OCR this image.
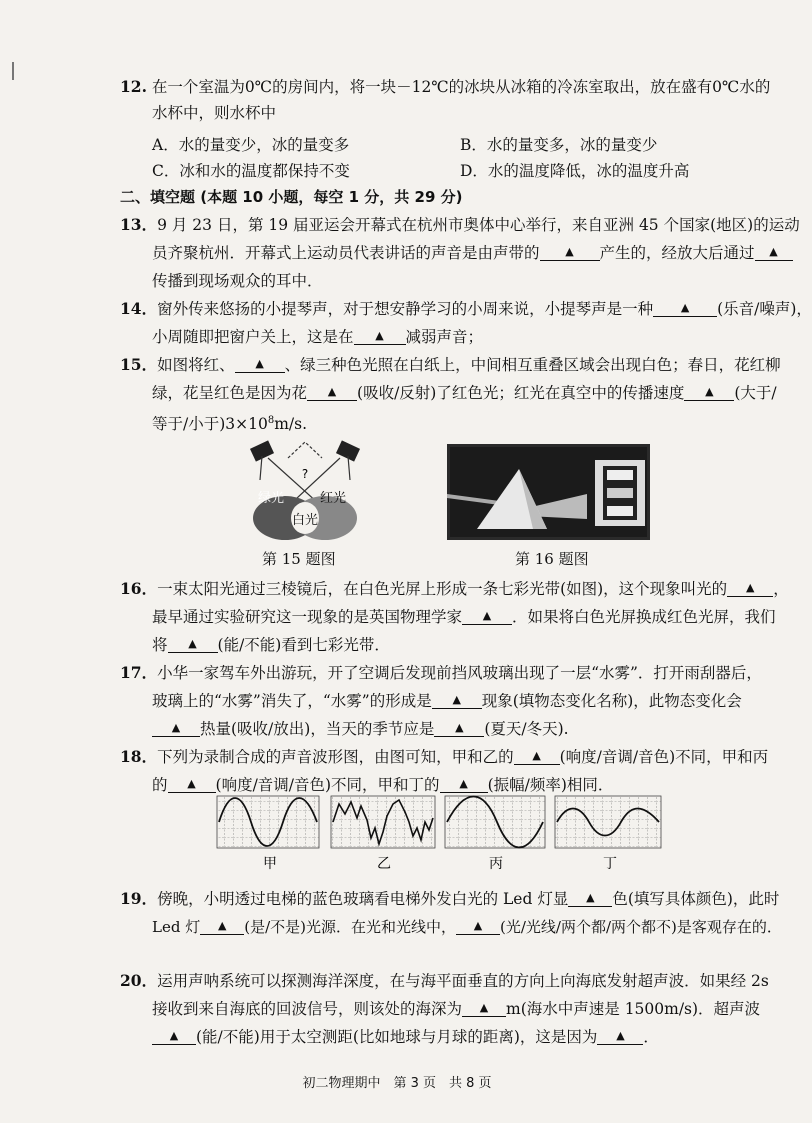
12. 在一个室温为0℃的房间内，将一块－12℃的冰块从冰箱的冷冻室取出，放在盛有0℃水的
水杯中，则水杯中
A．水的量变少，冰的量变多	B．水的量变多，冰的量变少
C．冰和水的温度都保持不变	D．水的温度降低，冰的温度升高
二、填空题 (本题 10 小题，每空 1 分，共 29 分)
13．9 月 23 日，第 19 届亚运会开幕式在杭州市奥体中心举行，来自亚洲 45 个国家(地区)的运动
员齐聚杭州．开幕式上运动员代表讲话的声音是由声带的 ▲ 产生的，经放大后通过 ▲
传播到现场观众的耳中．
14．窗外传来悠扬的小提琴声，对于想安静学习的小周来说，小提琴声是一种	▲ (乐音/噪声)，
小周随即把窗户关上，这是在 ▲ 减弱声音；
15．如图将红、 ▲ 、绿三种色光照在白纸上，中间相互重叠区域会出现白色；春日，花红柳
绿，花呈红色是因为花 ▲ (吸收/反射)了红色光；红光在真空中的传播速度 ▲ (大于/
等于/小于)$3\times 10^8m/s$.
?
绿光	红光
白光
第 15 题图	第 16 题图
16．一束太阳光通过三棱镜后，在白色光屏上形成一条七彩光带(如图)，这个现象叫光的 ▲ ，
最早通过实验研究这一现象的是英国物理学家 ▲ ．如果将白色光屏换成红色光屏，我们
将 ▲ (能/不能)看到七彩光带．
17．小华一家驾车外出游玩，开了空调后发现前挡风玻璃出现了一层“水雾”．打开雨刮器后，
玻璃上的“水雾”消失了，“水雾”的形成是 ▲ 现象(填物态变化名称)，此物态变化会
▲ 热量(吸收/放出)，当天的季节应是 ▲ (夏天/冬天).
18．下列为录制合成的声音波形图，由图可知，甲和乙的 ▲ (响度/音调/音色)不同，甲和丙
的 ▲ (响度/音调/音色)不同，甲和丁的 ▲ (振幅/频率)相同．
甲	乙	丙	丁
19．傍晚，小明透过电梯的蓝色玻璃看电梯外发白光的 Led 灯显 ▲ 色(填写具体颜色)，此时
Led 灯 ▲ (是/不是)光源．在光和光线中， ▲ (光/光线/两个都/两个都不)是客观存在的．
20．运用声呐系统可以探测海洋深度，在与海平面垂直的方向上向海底发射超声波．如果经 2s
接收到来自海底的回波信号，则该处的海深为 ▲ m(海水中声速是 1500m/s)．超声波
▲ (能/不能)用于太空测距(比如地球与月球的距离)，这是因为 ▲ ．
初二物理期中　第 3 页　共 8 页
